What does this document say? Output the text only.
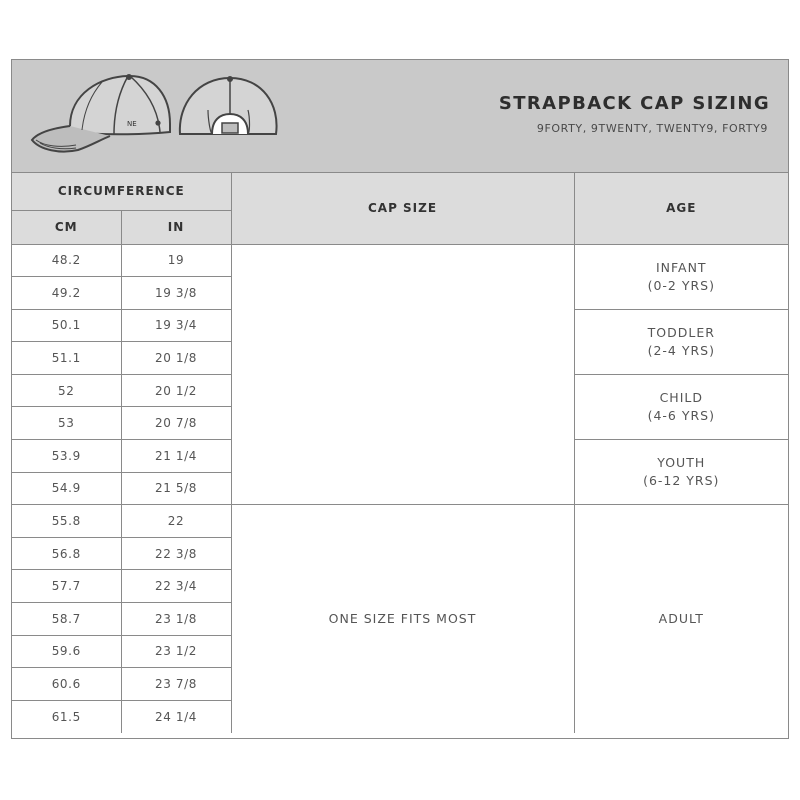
NE
STRAPBACK CAP SIZING
9FORTY, 9TWENTY, TWENTY9, FORTY9
CIRCUMFERENCE		CAP SIZE	AGE
CM	IN		
48.2	19		INFANT
(0-2 YRS)
49.2	19 3/8		
50.1	19 3/4		TODDLER
(2-4 YRS)
51.1	20 1/8		
52	20 1/2		CHILD
(4-6 YRS)
53	20 7/8		
53.9	21 1/4		YOUTH
(6-12 YRS)
54.9	21 5/8		
55.8	22	ONE SIZE FITS MOST	ADULT
56.8	22 3/8		
57.7	22 3/4		
58.7	23 1/8		
59.6	23 1/2		
60.6	23 7/8		
61.5	24 1/4		
